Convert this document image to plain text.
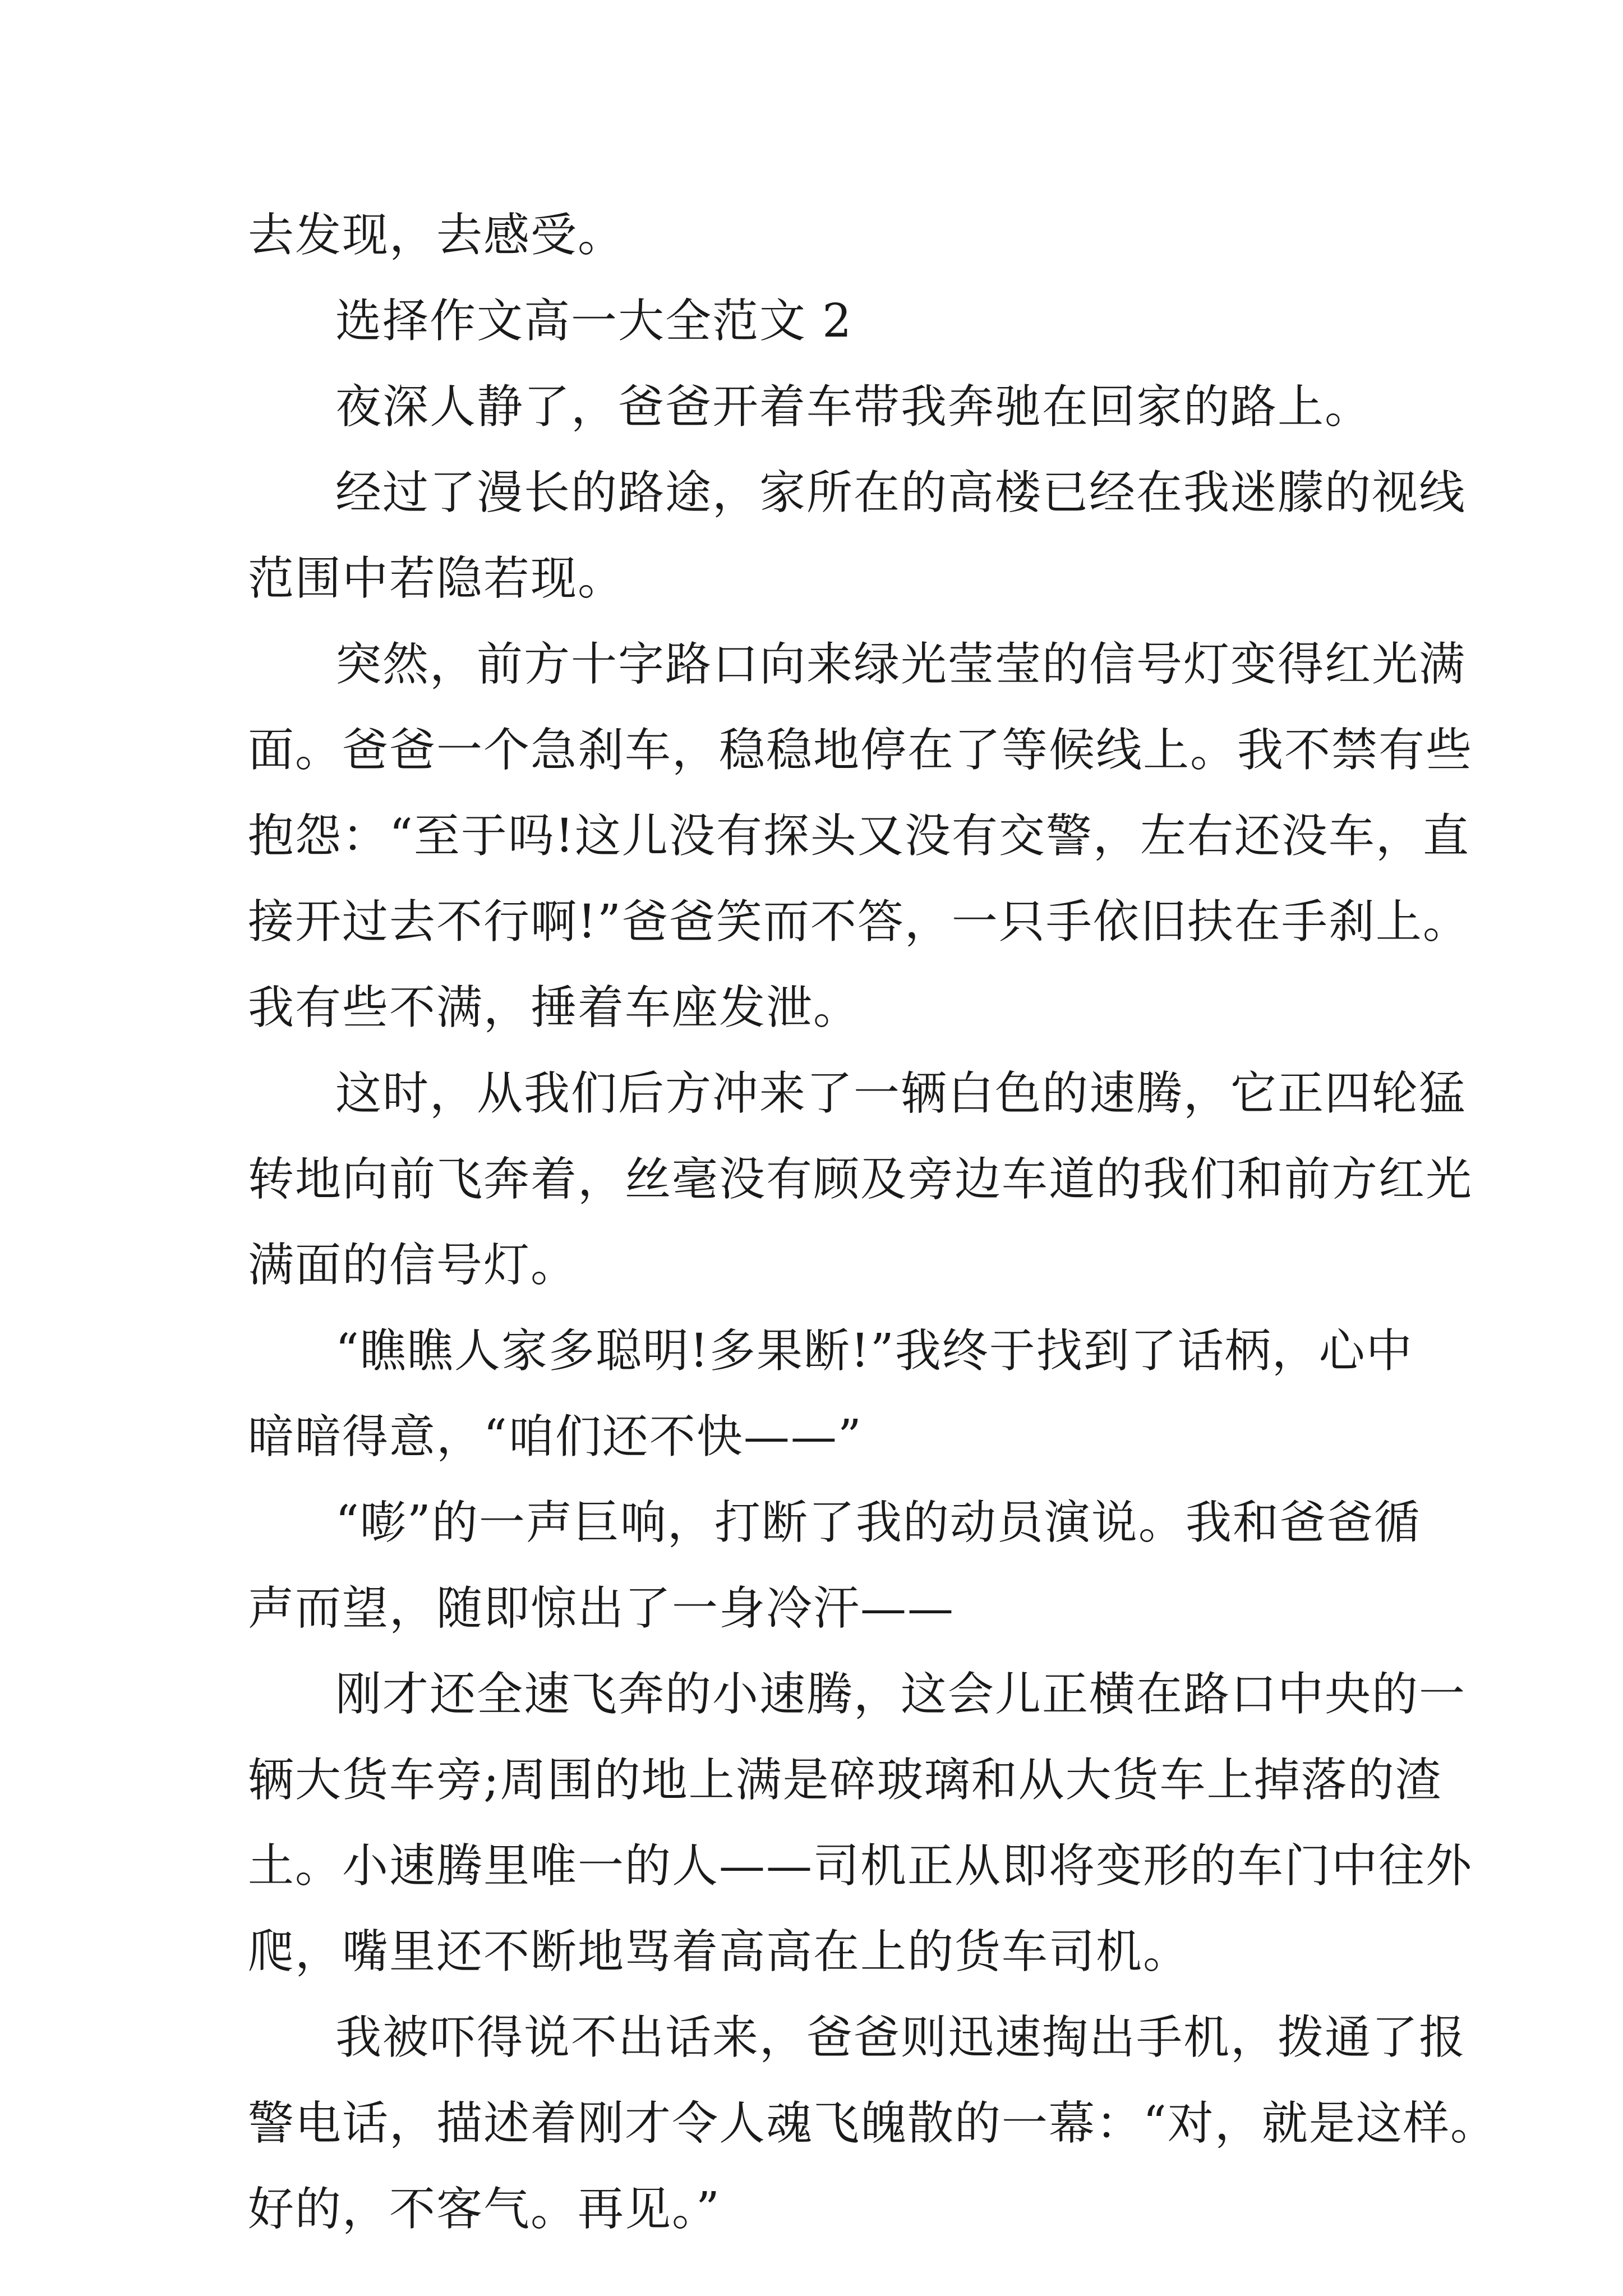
去发现，去感受。
选择作文高一大全范文 2
夜深人静了，爸爸开着车带我奔驰在回家的路上。
经过了漫长的路途，家所在的高楼已经在我迷朦的视线
范围中若隐若现。
突然，前方十字路口向来绿光莹莹的信号灯变得红光满
面。爸爸一个急刹车，稳稳地停在了等候线上。我不禁有些
抱怨：“至于吗!这儿没有探头又没有交警，左右还没车，直
接开过去不行啊!”爸爸笑而不答，一只手依旧扶在手刹上。
我有些不满，捶着车座发泄。
这时，从我们后方冲来了一辆白色的速腾，它正四轮猛
转地向前飞奔着，丝毫没有顾及旁边车道的我们和前方红光
满面的信号灯。
“瞧瞧人家多聪明!多果断!”我终于找到了话柄，心中
暗暗得意，“咱们还不快——”
“嘭”的一声巨响，打断了我的动员演说。我和爸爸循
声而望，随即惊出了一身冷汗——
刚才还全速飞奔的小速腾，这会儿正横在路口中央的一
辆大货车旁;周围的地上满是碎玻璃和从大货车上掉落的渣
土。小速腾里唯一的人——司机正从即将变形的车门中往外
爬，嘴里还不断地骂着高高在上的货车司机。
我被吓得说不出话来，爸爸则迅速掏出手机，拨通了报
警电话，描述着刚才令人魂飞魄散的一幕：“对，就是这样。
好的，不客气。再见。”
